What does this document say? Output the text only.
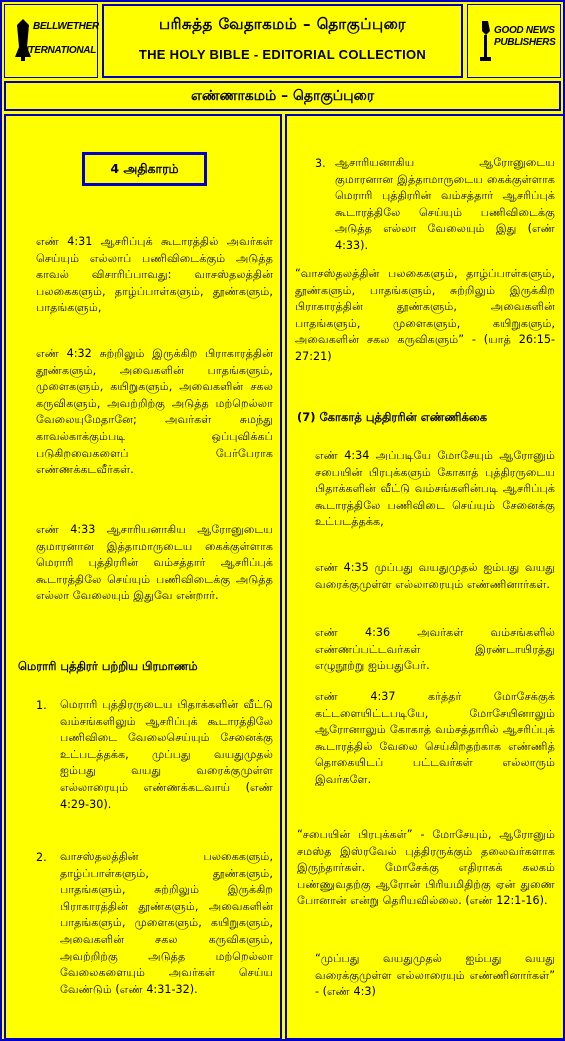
BELLWETHER
INTERNATIONAL
பரிசுத்த வேதாகமம் – தொகுப்புரை
THE HOLY BIBLE - EDITORIAL COLLECTION
GOOD NEWS
PUBLISHERS
எண்ணாகமம் – தொகுப்புரை
4 அதிகாரம்

எண் 4:31 ஆசரிப்புக் கூடாரத்தில் அவர்கள் செய்யும் எல்லாப் பணிவிடைக்கும் அடுத்த காவல் விசாரிப்பாவது: வாசஸ்தலத்தின் பலகைகளும், தாழ்ப்பாள்களும், தூண்களும், பாதங்களும்,

எண் 4:32 சுற்றிலும் இருக்கிற பிராகாரத்தின் தூண்களும், அவைகளின் பாதங்களும், முளைகளும், கயிறுகளும், அவைகளின் சகல கருவிகளும், அவற்றிற்கு அடுத்த மற்றெல்லா வேலையுமேதானே; அவர்கள் சுமந்து காவல்காக்கும்படி ஒப்புவிக்கப் படுகிறவைகளைப் பேர்பேராக எண்ணக்கடவீர்கள்.

எண் 4:33 ஆசாரியனாகிய ஆரோனுடைய குமாரனான இத்தாமாருடைய கைக்குள்ளாக மெராரி புத்திரரின் வம்சத்தார் ஆசரிப்புக் கூடாரத்திலே செய்யும் பணிவிடைக்கு அடுத்த எல்லா வேலையும் இதுவே என்றார்.

மெராரி புத்திரர் பற்றிய பிரமாணம்

1. மெராரி புத்திரருடைய பிதாக்களின் வீட்டு வம்சங்களிலும் ஆசரிப்புக் கூடாரத்திலே பணிவிடை வேலைசெய்யும் சேனைக்கு உட்படத்தக்க, முப்பது வயதுமுதல் ஐம்பது வயது வரைக்குமுள்ள எல்லாரையும் எண்ணக்கடவாய் (எண் 4:29-30).

2. வாசஸ்தலத்தின் பலகைகளும், தாழ்ப்பாள்களும், தூண்களும், பாதங்களும், சுற்றிலும் இருக்கிற பிராகாரத்தின் தூண்களும், அவைகளின் பாதங்களும், முளைகளும், கயிறுகளும், அவைகளின் சகல கருவிகளும், அவற்றிற்கு அடுத்த மற்றெல்லா வேலைகளையும் அவர்கள் செய்ய வேண்டும் (எண் 4:31-32).

3. ஆசாரியனாகிய ஆரோனுடைய குமாரனான இத்தாமாருடைய கைக்குள்ளாக மெராரி புத்திரரின் வம்சத்தார் ஆசரிப்புக் கூடாரத்திலே செய்யும் பணிவிடைக்கு அடுத்த எல்லா வேலையும் இது (எண் 4:33).

“வாசஸ்தலத்தின் பலகைகளும், தாழ்ப்பாள்களும், தூண்களும், பாதங்களும், சுற்றிலும் இருக்கிற பிராகாரத்தின் தூண்களும், அவைகளின் பாதங்களும், முளைகளும், கயிறுகளும், அவைகளின் சகல கருவிகளும்” - (யாத் 26:15-27:21)

(7) கோகாத் புத்திரரின் எண்ணிக்கை

எண் 4:34 அப்படியே மோசேயும் ஆரோனும் சபையின் பிரபுக்களும் கோகாத் புத்திரருடைய பிதாக்களின் வீட்டு வம்சங்களின்படி ஆசரிப்புக் கூடாரத்திலே பணிவிடை செய்யும் சேனைக்கு உட்படத்தக்க,

எண் 4:35 முப்பது வயதுமுதல் ஐம்பது வயது வரைக்குமுள்ள எல்லாரையும் எண்ணினார்கள்.

எண் 4:36 அவர்கள் வம்சங்களில் எண்ணப்பட்டவர்கள் இரண்டாயிரத்து எழுநூற்று ஐம்பதுபேர்.

எண் 4:37 கர்த்தர் மோசேக்குக் கட்டளையிட்டபடியே, மோசேயினாலும் ஆரோனாலும் கோகாத் வம்சத்தாரில் ஆசரிப்புக் கூடாரத்தில் வேலை செய்கிறதற்காக எண்ணித் தொகையிடப் பட்டவர்கள் எல்லாரும் இவர்களே.

“சபையின் பிரபுக்கள்” - மோசேயும், ஆரோனும் சமஸ்த இஸ்ரவேல் புத்திரருக்கும் தலைவர்களாக இருந்தார்கள். மோசேக்கு எதிராகக் கலகம் பண்ணுவதற்கு ஆரோன் பிரியமிதிற்கு ஏன் துணை போனான் என்று தெரியவில்லை. (எண் 12:1-16).

“முப்பது வயதுமுதல் ஐம்பது வயது வரைக்குமுள்ள எல்லாரையும் எண்ணினார்கள்” - (எண் 4:3)
